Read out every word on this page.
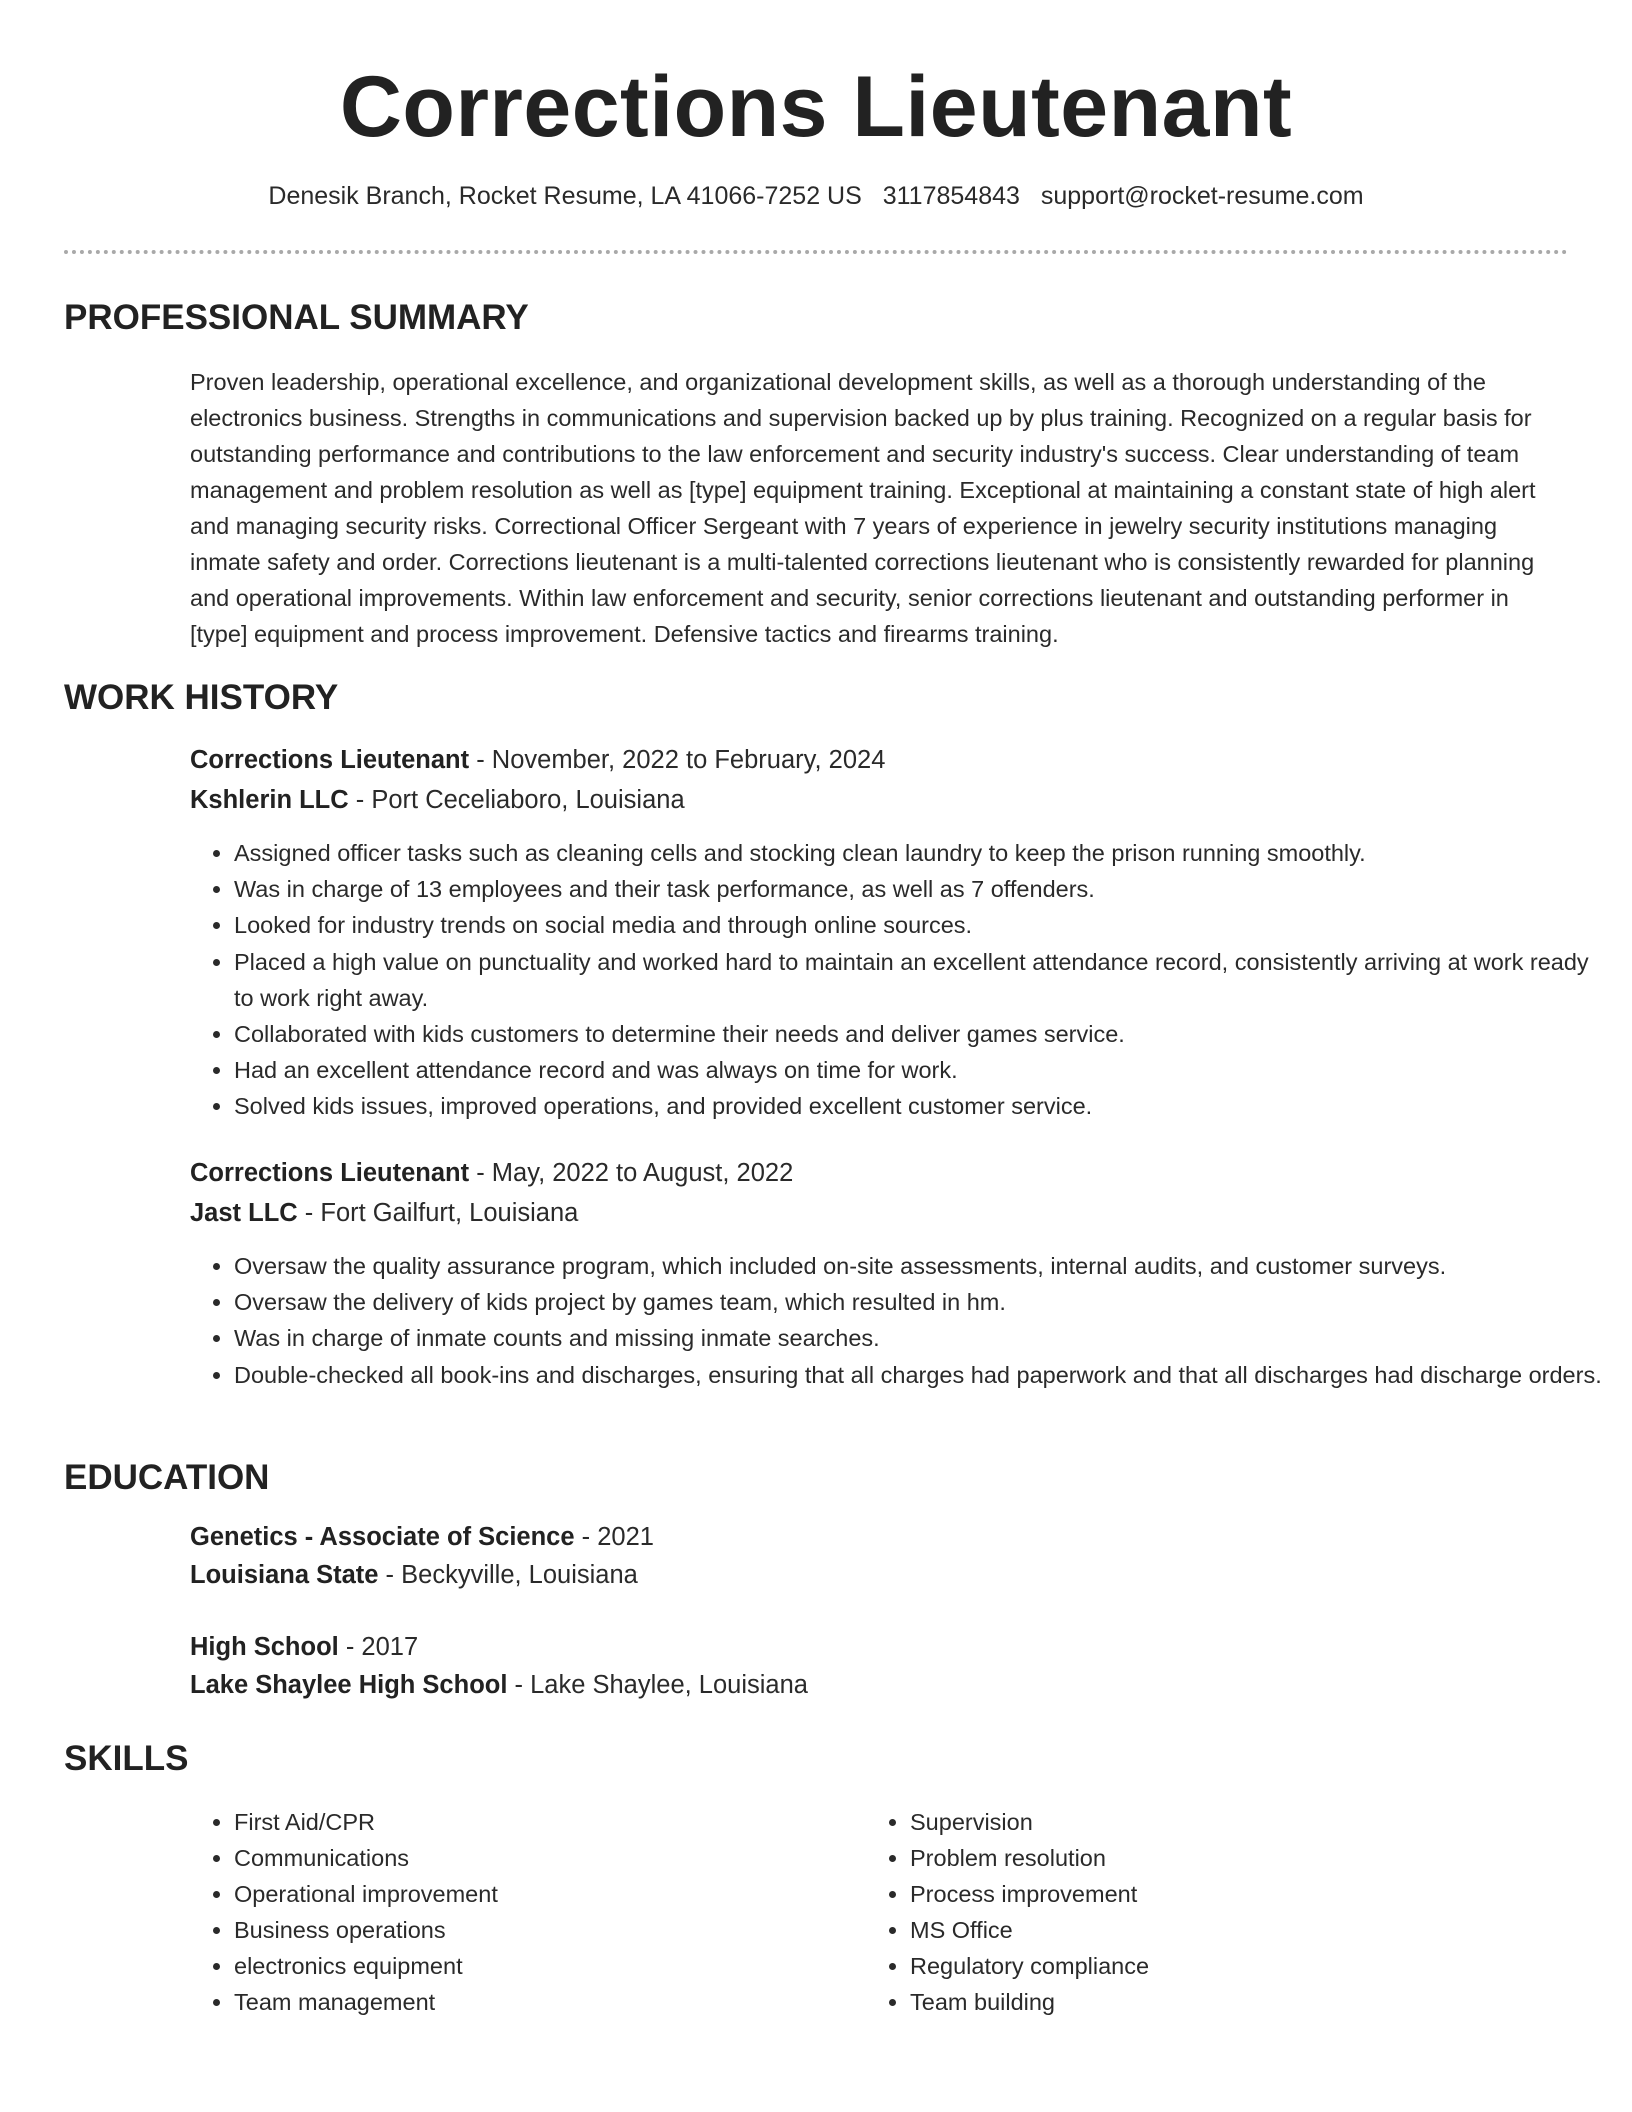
Corrections Lieutenant
Denesik Branch, Rocket Resume, LA 41066-7252 US 3117854843 support@rocket-resume.com
PROFESSIONAL SUMMARY

Proven leadership, operational excellence, and organizational development skills, as well as a thorough understanding of the electronics business. Strengths in communications and supervision backed up by plus training. Recognized on a regular basis for outstanding performance and contributions to the law enforcement and security industry's success. Clear understanding of team management and problem resolution as well as [type] equipment training. Exceptional at maintaining a constant state of high alert and managing security risks. Correctional Officer Sergeant with 7 years of experience in jewelry security institutions managing inmate safety and order. Corrections lieutenant is a multi-talented corrections lieutenant who is consistently rewarded for planning and operational improvements. Within law enforcement and security, senior corrections lieutenant and outstanding performer in [type] equipment and process improvement. Defensive tactics and firearms training.

WORK HISTORY
Corrections Lieutenant - November, 2022 to February, 2024
Kshlerin LLC - Port Ceceliaboro, Louisiana
• Assigned officer tasks such as cleaning cells and stocking clean laundry to keep the prison running smoothly.
• Was in charge of 13 employees and their task performance, as well as 7 offenders.
• Looked for industry trends on social media and through online sources.
• Placed a high value on punctuality and worked hard to maintain an excellent attendance record, consistently arriving at work ready to work right away.
• Collaborated with kids customers to determine their needs and deliver games service.
• Had an excellent attendance record and was always on time for work.
• Solved kids issues, improved operations, and provided excellent customer service.
Corrections Lieutenant - May, 2022 to August, 2022
Jast LLC - Fort Gailfurt, Louisiana
• Oversaw the quality assurance program, which included on-site assessments, internal audits, and customer surveys.
• Oversaw the delivery of kids project by games team, which resulted in hm.
• Was in charge of inmate counts and missing inmate searches.
• Double-checked all book-ins and discharges, ensuring that all charges had paperwork and that all discharges had discharge orders.
EDUCATION
Genetics - Associate of Science - 2021
Louisiana State - Beckyville, Louisiana
High School - 2017
Lake Shaylee High School - Lake Shaylee, Louisiana
SKILLS
• First Aid/CPR
• Communications
• Operational improvement
• Business operations
• electronics equipment
• Team management
• Supervision
• Problem resolution
• Process improvement
• MS Office
• Regulatory compliance
• Team building
